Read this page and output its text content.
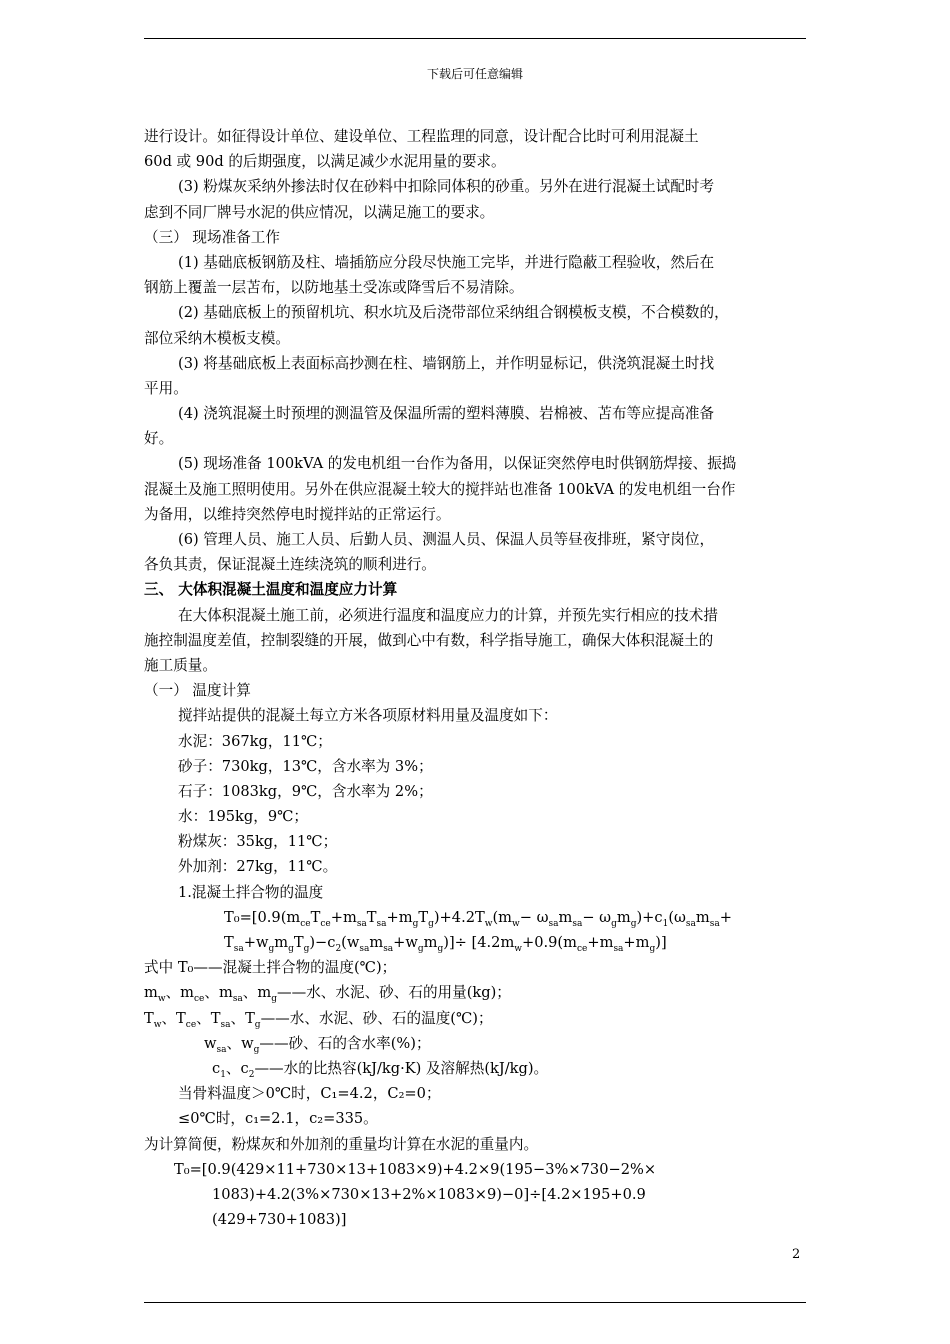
下载后可任意编辑
进行设计。如征得设计单位、建设单位、工程监理的同意，设计配合比时可利用混凝土
60d 或 90d 的后期强度，以满足减少水泥用量的要求。
(3) 粉煤灰采纳外掺法时仅在砂料中扣除同体积的砂重。另外在进行混凝土试配时考
虑到不同厂牌号水泥的供应情况，以满足施工的要求。
（三） 现场准备工作
(1) 基础底板钢筋及柱、墙插筋应分段尽快施工完毕，并进行隐蔽工程验收，然后在
钢筋上覆盖一层苫布，以防地基土受冻或降雪后不易清除。
(2) 基础底板上的预留机坑、积水坑及后浇带部位采纳组合钢模板支模，不合模数的，
部位采纳木模板支模。
(3) 将基础底板上表面标高抄测在柱、墙钢筋上，并作明显标记，供浇筑混凝土时找
平用。
(4) 浇筑混凝土时预埋的测温管及保温所需的塑料薄膜、岩棉被、苫布等应提高准备
好。
(5) 现场准备 100kVA 的发电机组一台作为备用，以保证突然停电时供钢筋焊接、振捣
混凝土及施工照明使用。另外在供应混凝土较大的搅拌站也准备 100kVA 的发电机组一台作
为备用，以维持突然停电时搅拌站的正常运行。
(6) 管理人员、施工人员、后勤人员、测温人员、保温人员等昼夜排班，紧守岗位，
各负其责，保证混凝土连续浇筑的顺利进行。
三、 大体积混凝土温度和温度应力计算
在大体积混凝土施工前，必须进行温度和温度应力的计算，并预先实行相应的技术措
施控制温度差值，控制裂缝的开展，做到心中有数，科学指导施工，确保大体积混凝土的
施工质量。
（一） 温度计算
搅拌站提供的混凝土每立方米各项原材料用量及温度如下：
水泥：367kg，11℃；
砂子：730kg，13℃，含水率为 3%；
石子：1083kg，9℃，含水率为 2%；
水：195kg，9℃；
粉煤灰：35kg，11℃；
外加剂：27kg，11℃。
1.混凝土拌合物的温度
$T_0=[0.9(m_{ce}T_{ce}+m_{sa}T_{sa}+m_gT_g)+4.2T_w(m_w- \omega_{sa}m_{sa}- \omega_gm_g)+c_1(\omega_{sa}m_{sa}+$
$T_{sa}+w_gm_gT_g)-c_2(w_{sa}m_{sa}+w_gm_g)]\div [4.2m_w+0.9(m_{ce}+m_{sa}+m_g)]$
式中 T₀——混凝土拌合物的温度(℃)；
$m_w$、$m_{ce}$、$m_{sa}$、$m_g——$水、水泥、砂、石的用量(kg)；
$T_w$、$T_{ce}$、$T_{sa}$、$T_g——$水、水泥、砂、石的温度(℃)；
$w_{sa}$、$w_g——$砂、石的含水率(%)；
$c_1$、$c_2——$水的比热容(kJ/kg·K) 及溶解热(kJ/kg)。
当骨料温度＞0℃时，C₁=4.2，C₂=0；
≤0℃时，c₁=2.1，c₂=335。
为计算简便，粉煤灰和外加剂的重量均计算在水泥的重量内。
T₀=[0.9(429×11+730×13+1083×9)+4.2×9(195−3%×730−2%×
1083)+4.2(3%×730×13+2%×1083×9)−0]÷[4.2×195+0.9
(429+730+1083)]
2
